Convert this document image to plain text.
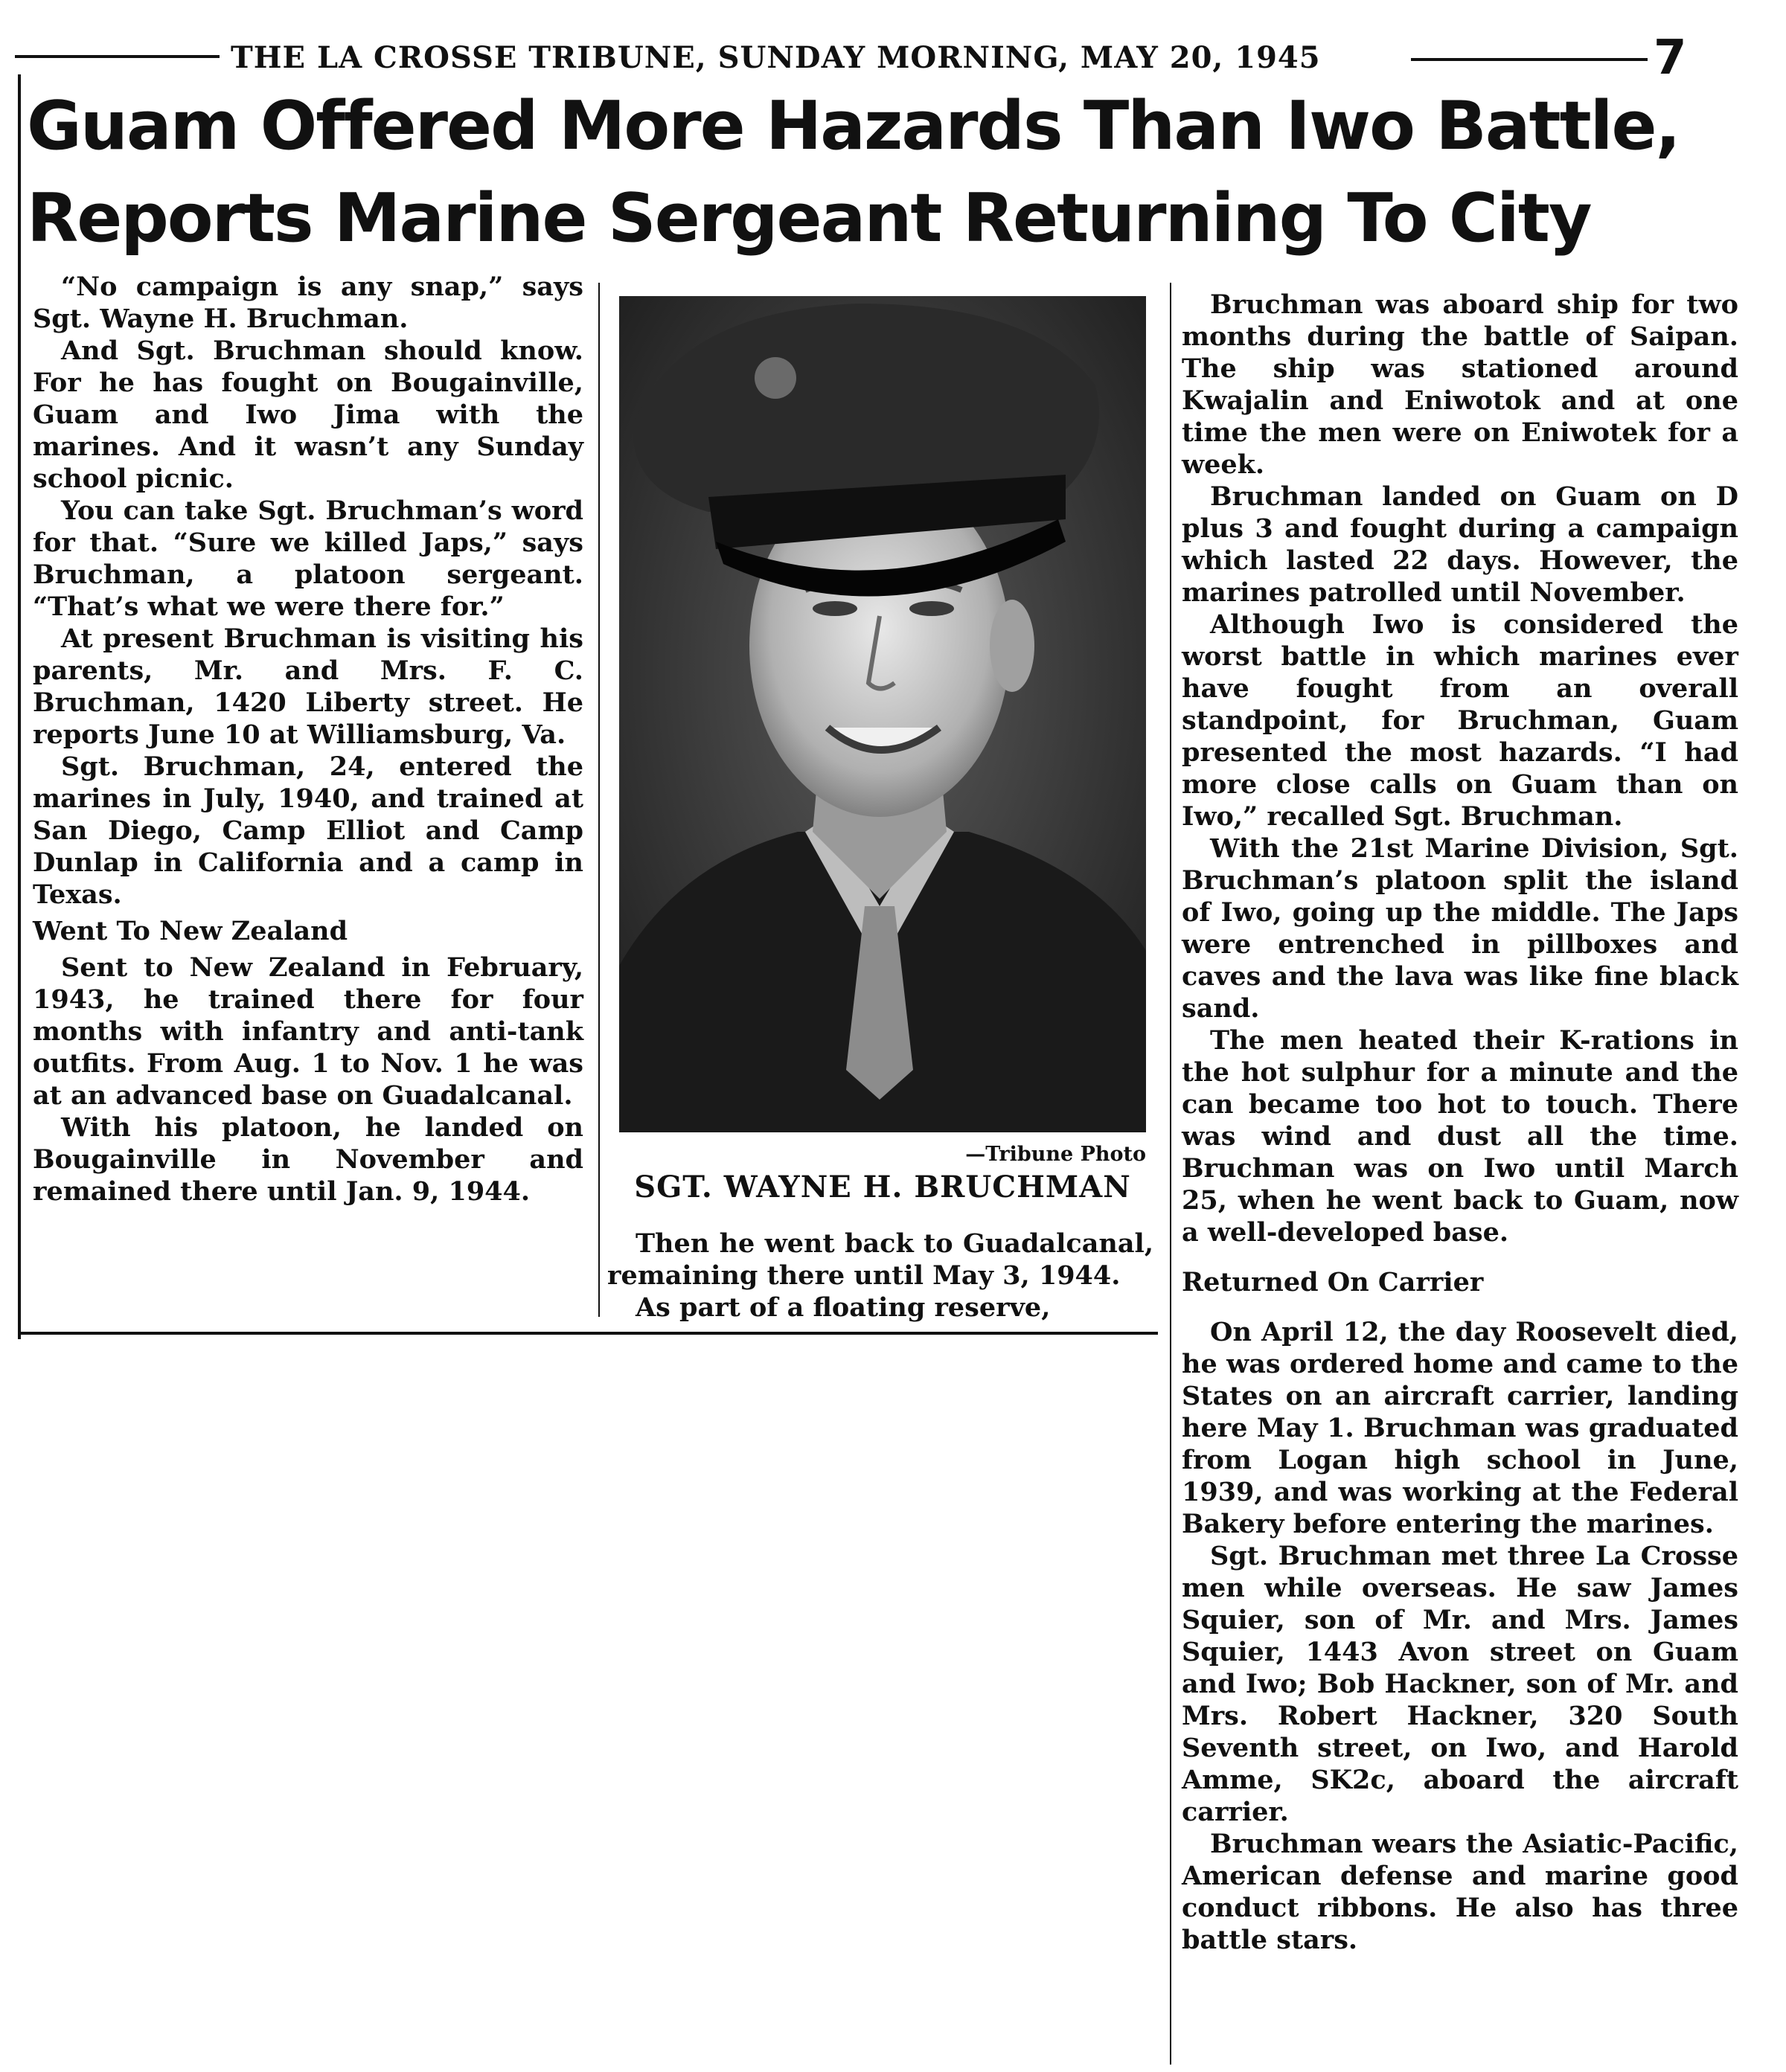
THE LA CROSSE TRIBUNE, SUNDAY MORNING, MAY 20, 1945	7
Guam Offered More Hazards Than Iwo Battle,
Reports Marine Sergeant Returning To City

“No campaign is any snap,” says Sgt. Wayne H. Bruchman.

And Sgt. Bruchman should know. For he has fought on Bougainville, Guam and Iwo Jima with the marines. And it wasn’t any Sunday school picnic.

You can take Sgt. Bruchman’s word for that. “Sure we killed Japs,” says Bruchman, a platoon sergeant. “That’s what we were there for.”

At present Bruchman is visiting his parents, Mr. and Mrs. F. C. Bruchman, 1420 Liberty street. He reports June 10 at Williamsburg, Va.

Sgt. Bruchman, 24, entered the marines in July, 1940, and trained at San Diego, Camp Elliot and Camp Dunlap in California and a camp in Texas.

Went To New Zealand

Sent to New Zealand in February, 1943, he trained there for four months with infantry and anti-tank outfits. From Aug. 1 to Nov. 1 he was at an advanced base on Guadalcanal.

With his platoon, he landed on Bougainville in November and remained there until Jan. 9, 1944.

—Tribune Photo
SGT. WAYNE H. BRUCHMAN

Then he went back to Guadalcanal, remaining there until May 3, 1944.

As part of a floating reserve,

Bruchman was aboard ship for two months during the battle of Saipan. The ship was stationed around Kwajalin and Eniwotok and at one time the men were on Eniwotek for a week.

Bruchman landed on Guam on D plus 3 and fought during a campaign which lasted 22 days. However, the marines patrolled until November.

Although Iwo is considered the worst battle in which marines ever have fought from an overall standpoint, for Bruchman, Guam presented the most hazards. “I had more close calls on Guam than on Iwo,” recalled Sgt. Bruchman.

With the 21st Marine Division, Sgt. Bruchman’s platoon split the island of Iwo, going up the middle. The Japs were entrenched in pillboxes and caves and the lava was like fine black sand.

The men heated their K-rations in the hot sulphur for a minute and the can became too hot to touch. There was wind and dust all the time. Bruchman was on Iwo until March 25, when he went back to Guam, now a well-developed base.

Returned On Carrier

On April 12, the day Roosevelt died, he was ordered home and came to the States on an aircraft carrier, landing here May 1. Bruchman was graduated from Logan high school in June, 1939, and was working at the Federal Bakery before entering the marines.

Sgt. Bruchman met three La Crosse men while overseas. He saw James Squier, son of Mr. and Mrs. James Squier, 1443 Avon street on Guam and Iwo; Bob Hackner, son of Mr. and Mrs. Robert Hackner, 320 South Seventh street, on Iwo, and Harold Amme, SK2c, aboard the aircraft carrier.

Bruchman wears the Asiatic-Pacific, American defense and marine good conduct ribbons. He also has three battle stars.
